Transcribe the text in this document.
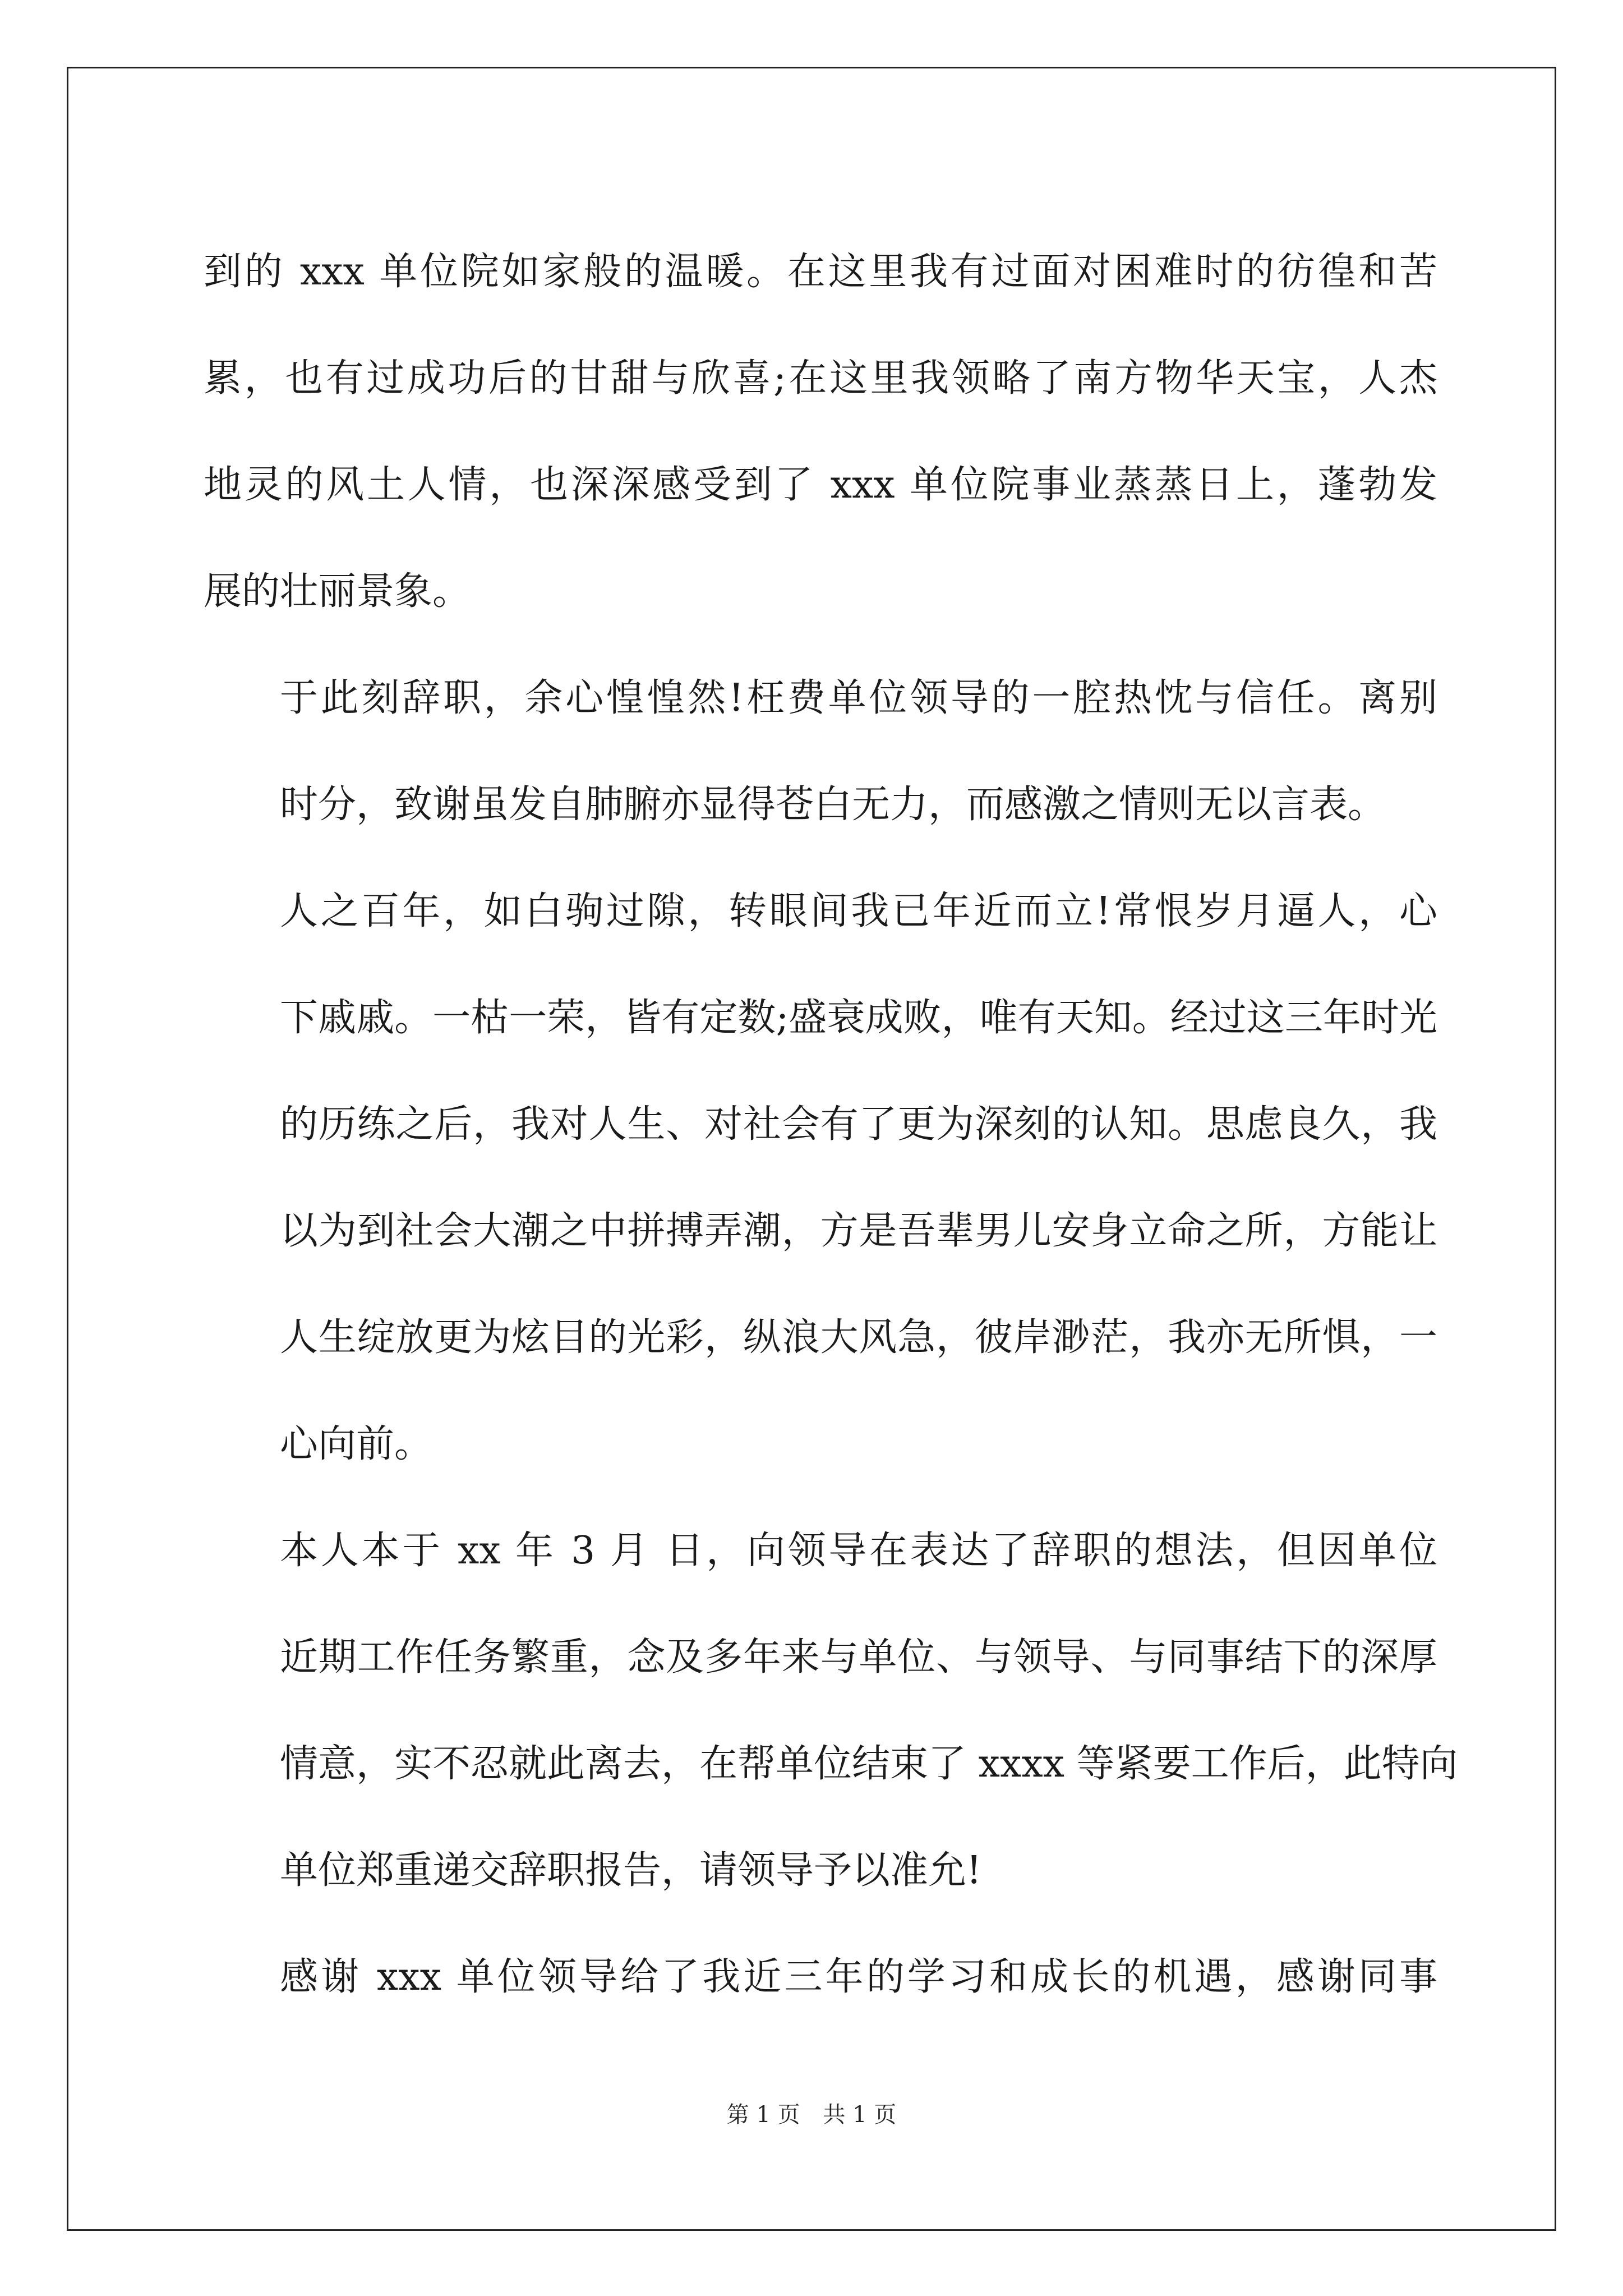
到的 xxx 单位院如家般的温暖。在这里我有过面对困难时的彷徨和苦
累，也有过成功后的甘甜与欣喜;在这里我领略了南方物华天宝，人杰
地灵的风土人情，也深深感受到了 xxx 单位院事业蒸蒸日上，蓬勃发
展的壮丽景象。

于此刻辞职，余心惶惶然!枉费单位领导的一腔热忱与信任。离别
时分，致谢虽发自肺腑亦显得苍白无力，而感激之情则无以言表。

人之百年，如白驹过隙，转眼间我已年近而立!常恨岁月逼人，心
下戚戚。一枯一荣，皆有定数;盛衰成败，唯有天知。经过这三年时光
的历练之后，我对人生、对社会有了更为深刻的认知。思虑良久，我
以为到社会大潮之中拼搏弄潮，方是吾辈男儿安身立命之所，方能让
人生绽放更为炫目的光彩，纵浪大风急，彼岸渺茫，我亦无所惧，一
心向前。

本人本于 xx 年 3 月 日，向领导在表达了辞职的想法，但因单位
近期工作任务繁重，念及多年来与单位、与领导、与同事结下的深厚
情意，实不忍就此离去，在帮单位结束了 xxxx 等紧要工作后，此特向
单位郑重递交辞职报告，请领导予以准允!

感谢 xxx 单位领导给了我近三年的学习和成长的机遇，感谢同事

第 1 页 共 1 页
